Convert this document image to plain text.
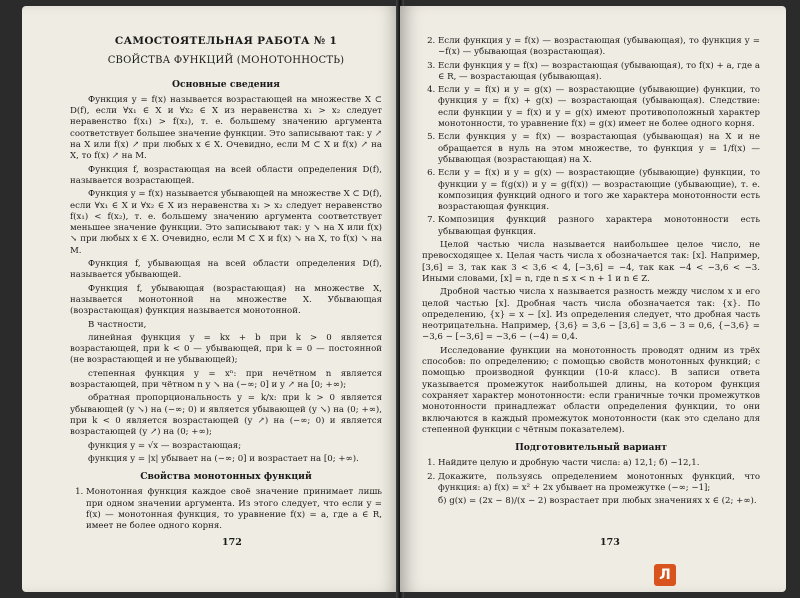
САМОСТОЯТЕЛЬНАЯ РАБОТА № 1
СВОЙСТВА ФУНКЦИЙ (МОНОТОННОСТЬ)
Основные сведения

Функция y = f(x) называется возрастающей на множестве X ⊂ D(f), если ∀x₁ ∈ X и ∀x₂ ∈ X из неравенства x₁ > x₂ следует неравенство f(x₁) > f(x₂), т. е. большему значению аргумента соответствует большее значение функции. Это записывают так: y ↗ на X или f(x) ↗ при любых x ∈ X. Очевидно, если M ⊂ X и f(x) ↗ на X, то f(x) ↗ на M.

Функция f, возрастающая на всей области определения D(f), называется возрастающей.

Функция y = f(x) называется убывающей на множестве X ⊂ D(f), если ∀x₁ ∈ X и ∀x₂ ∈ X из неравенства x₁ > x₂ следует неравенство f(x₁) < f(x₂), т. е. большему значению аргумента соответствует меньшее значение функции. Это записывают так: y ↘ на X или f(x) ↘ при любых x ∈ X. Очевидно, если M ⊂ X и f(x) ↘ на X, то f(x) ↘ на M.

Функция f, убывающая на всей области определения D(f), называется убывающей.

Функция f, убывающая (возрастающая) на множестве X, называется монотонной на множестве X. Убывающая (возрастающая) функция называется монотонной.

В частности,

линейная функция y = kx + b при k > 0 является возрастающей, при k < 0 — убывающей, при k = 0 — постоянной (не возрастающей и не убывающей);

степенная функция y = xⁿ: при нечётном n является возрастающей, при чётном n y ↘ на (−∞; 0] и y ↗ на [0; +∞);

обратная пропорциональность y = k/x: при k > 0 является убывающей (y ↘) на (−∞; 0) и является убывающей (y ↘) на (0; +∞), при k < 0 является возрастающей (y ↗) на (−∞; 0) и является возрастающей (y ↗) на (0; +∞);

функция y = √x — возрастающая;

функция y = |x| убывает на (−∞; 0] и возрастает на [0; +∞).

Свойства монотонных функций
1. Монотонная функция каждое своё значение принимает лишь при одном значении аргумента. Из этого следует, что если y = f(x) — монотонная функция, то уравнение f(x) = a, где a ∈ R, имеет не более одного корня.
172
2. Если функция y = f(x) — возрастающая (убывающая), то функция y = −f(x) — убывающая (возрастающая).
3. Если функция y = f(x) — возрастающая (убывающая), то f(x) + a, где a ∈ R, — возрастающая (убывающая).
4. Если y = f(x) и y = g(x) — возрастающие (убывающие) функции, то функция y = f(x) + g(x) — возрастающая (убывающая). Следствие: если функции y = f(x) и y = g(x) имеют противоположный характер монотонности, то уравнение f(x) = g(x) имеет не более одного корня.
5. Если функция y = f(x) — возрастающая (убывающая) на X и не обращается в нуль на этом множестве, то функция y = 1/f(x) — убывающая (возрастающая) на X.
6. Если y = f(x) и y = g(x) — возрастающие (убывающие) функции, то функции y = f(g(x)) и y = g(f(x)) — возрастающие (убывающие), т. е. композиция функций одного и того же характера монотонности есть возрастающая функция.
7. Композиция функций разного характера монотонности есть убывающая функция.

Целой частью числа называется наибольшее целое число, не превосходящее x. Целая часть числа x обозначается так: [x]. Например, [3,6] = 3, так как 3 < 3,6 < 4, [−3,6] = −4, так как −4 < −3,6 < −3. Иными словами, [x] = n, где n ≤ x < n + 1 и n ∈ Z.

Дробной частью числа x называется разность между числом x и его целой частью [x]. Дробная часть числа обозначается так: {x}. По определению, {x} = x − [x]. Из определения следует, что дробная часть неотрицательна. Например, {3,6} = 3,6 − [3,6] = 3,6 − 3 = 0,6, {−3,6} = −3,6 − [−3,6] = −3,6 − (−4) = 0,4.

Исследование функции на монотонность проводят одним из трёх способов: по определению; с помощью свойств монотонных функций; с помощью производной функции (10-й класс). В записи ответа указывается промежуток наибольшей длины, на котором функция сохраняет характер монотонности: если граничные точки промежутков монотонности принадлежат области определения функции, то они включаются в каждый промежуток монотонности (как это сделано для степенной функции с чётным показателем).

Подготовительный вариант
1. Найдите целую и дробную части числа: а) 12,1; б) −12,1.
2. Докажите, пользуясь определением монотонных функций, что функция: а) f(x) = x² + 2x убывает на промежутке (−∞; −1];

б) g(x) = (2x − 8)/(x − 2) возрастает при любых значениях x ∈ (2; +∞).

173
Л
